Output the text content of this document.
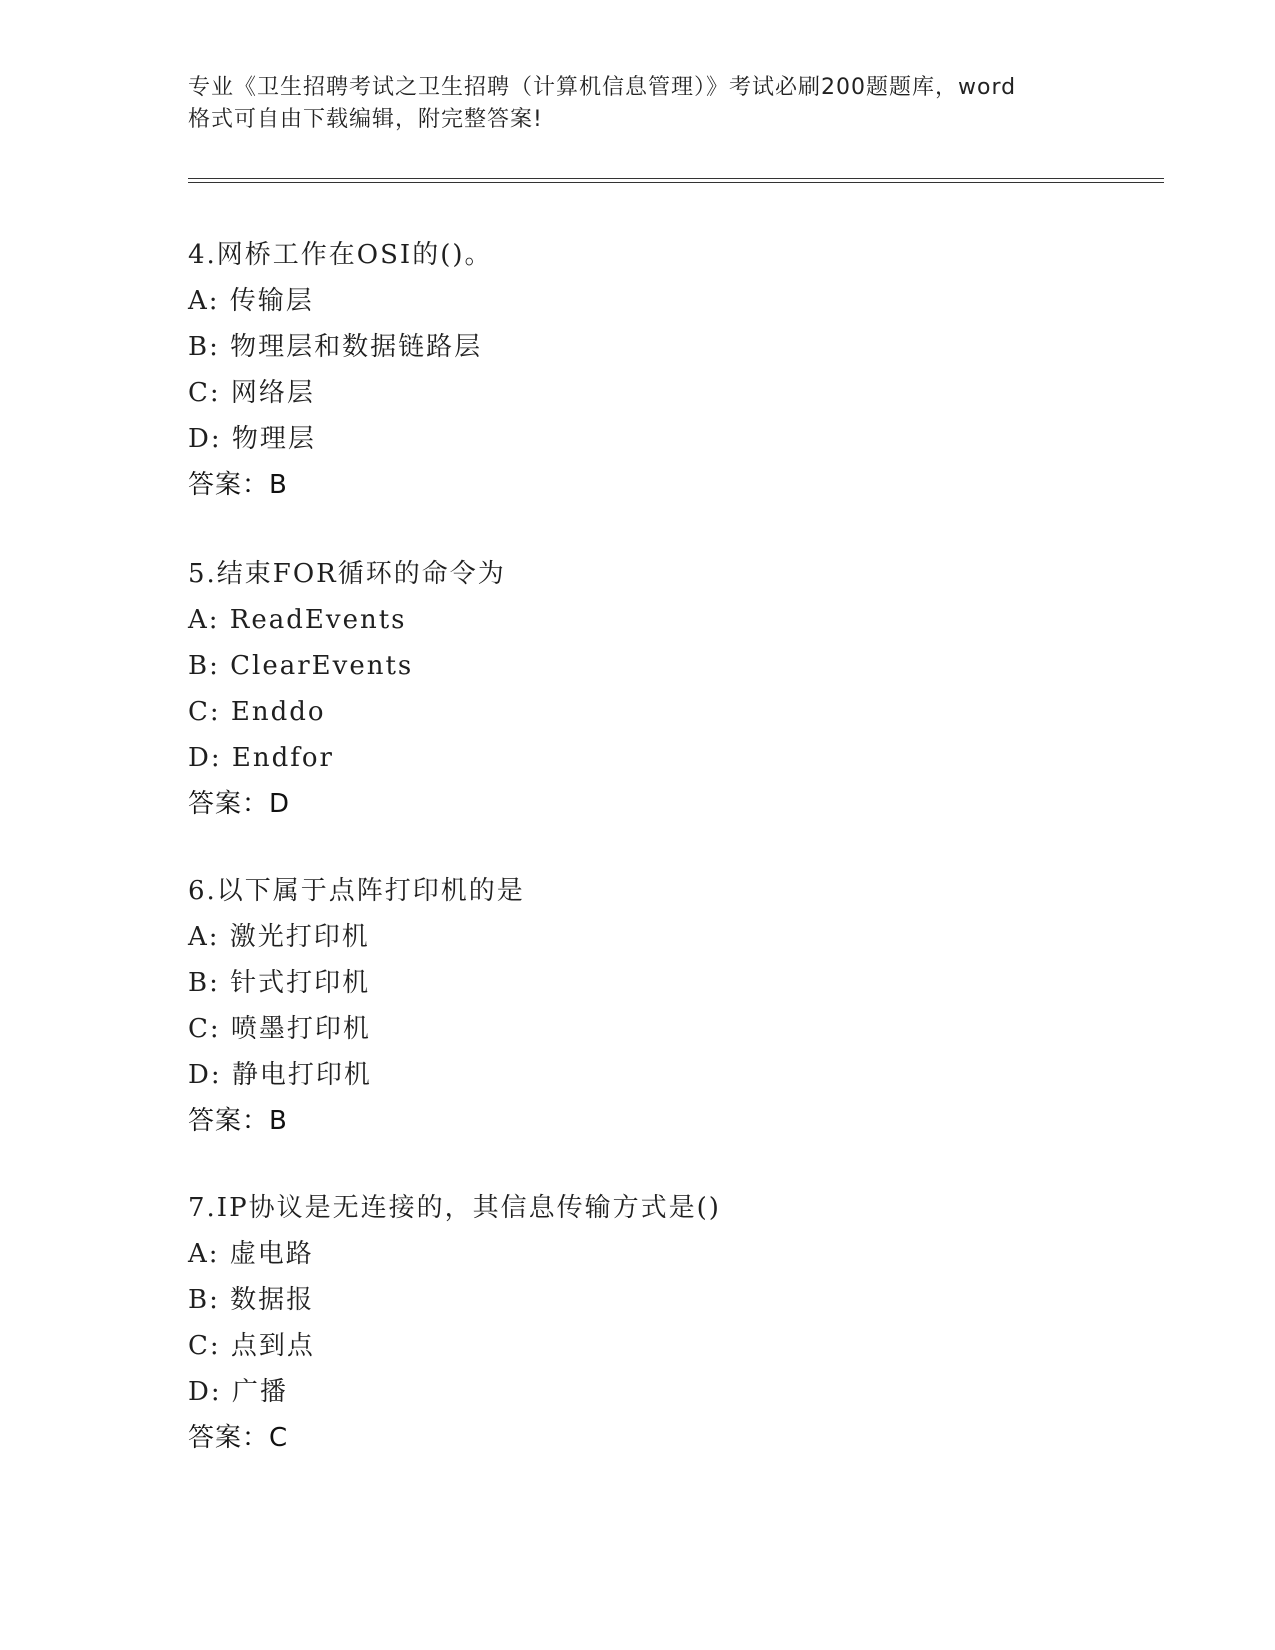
专业《卫生招聘考试之卫生招聘（计算机信息管理）》考试必刷200题题库，word
格式可自由下载编辑，附完整答案!
4.网桥工作在OSI的()。
A: 传输层
B: 物理层和数据链路层
C: 网络层
D: 物理层
答案：B
5.结束FOR循环的命令为
A: ReadEvents
B: ClearEvents
C: Enddo
D: Endfor
答案：D
6.以下属于点阵打印机的是
A: 激光打印机
B: 针式打印机
C: 喷墨打印机
D: 静电打印机
答案：B
7.IP协议是无连接的，其信息传输方式是()
A: 虚电路
B: 数据报
C: 点到点
D: 广播
答案：C
